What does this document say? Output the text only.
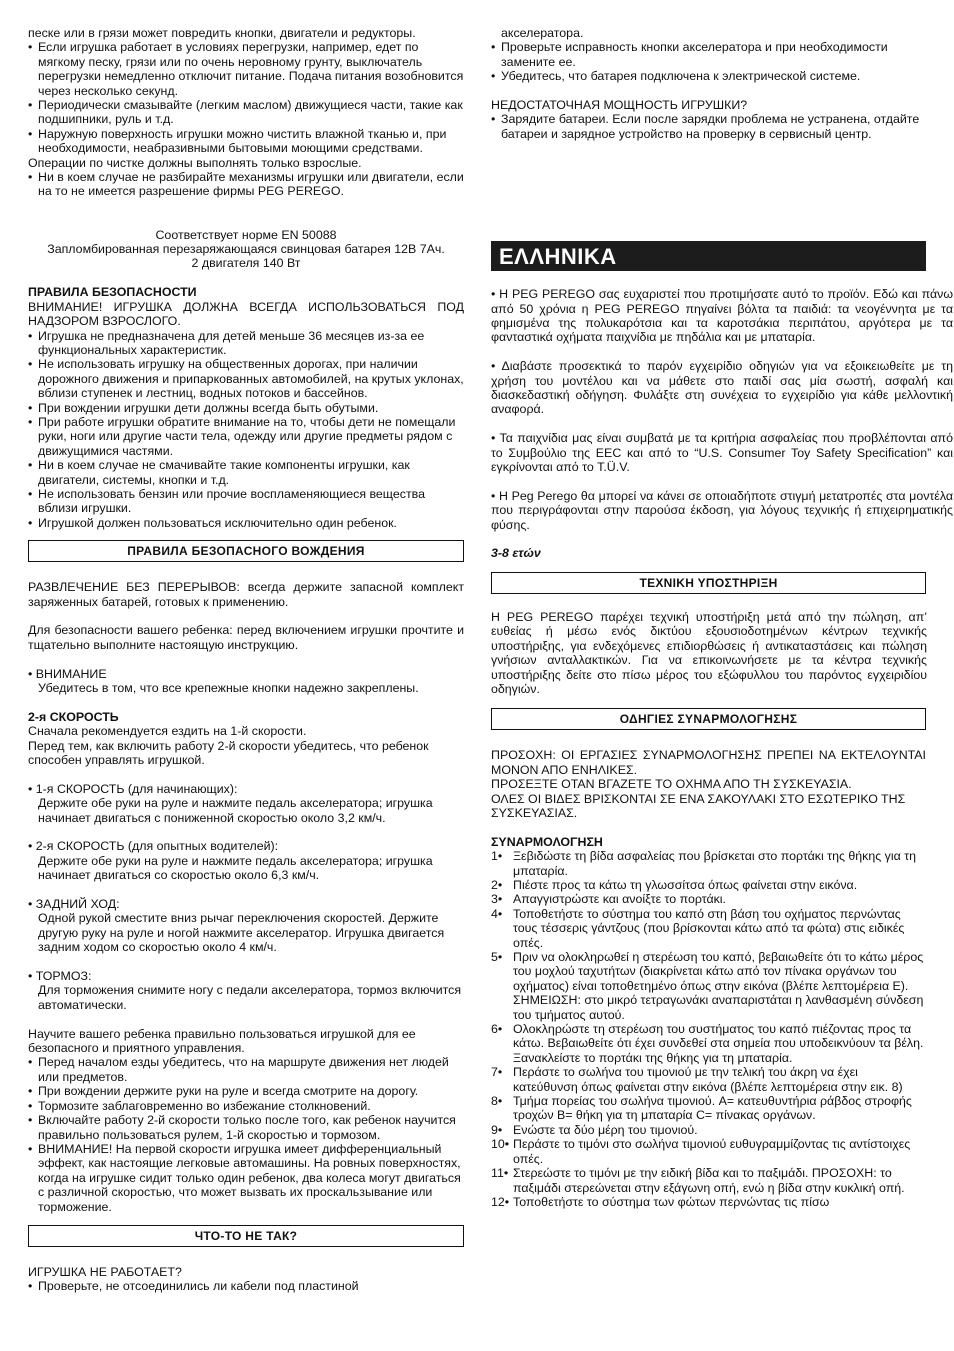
песке или в грязи может повредить кнопки, двигатели и редукторы.

• Если игрушка работает в условиях перегрузки, например, едет по мягкому песку, грязи или по очень неровному грунту, выключатель перегрузки немедленно отключит питание. Подача питания возобновится через несколько секунд.
• Периодически смазывайте (легким маслом) движущиеся части, такие как подшипники, руль и т.д.
• Наружную поверхность игрушки можно чистить влажной тканью и, при необходимости, неабразивными бытовыми моющими средствами.

Операции по чистке должны выполнять только взрослые.

• Ни в коем случае не разбирайте механизмы игрушки или двигатели, если на то не имеется разрешение фирмы PEG PEREGO.

Соответствует норме EN 50088

Запломбированная перезаряжающаяся свинцовая батарея 12В 7Ач.

2 двигателя 140 Вт

ПРАВИЛА БЕЗОПАСНОСТИ

ВНИМАНИЕ! ИГРУШКА ДОЛЖНА ВСЕГДА ИСПОЛЬЗОВАТЬСЯ ПОД НАДЗОРОМ ВЗРОСЛОГО.

• Игрушка не предназначена для детей меньше 36 месяцев из-за ее функциональных характеристик.
• Не использовать игрушку на общественных дорогах, при наличии дорожного движения и припаркованных автомобилей, на крутых уклонах, вблизи ступенек и лестниц, водных потоков и бассейнов.
• При вождении игрушки дети должны всегда быть обутыми.
• При работе игрушки обратите внимание на то, чтобы дети не помещали руки, ноги или другие части тела, одежду или другие предметы рядом с движущимися частями.
• Ни в коем случае не смачивайте такие компоненты игрушки, как двигатели, системы, кнопки и т.д.
• Не использовать бензин или прочие воспламеняющиеся вещества вблизи игрушки.
• Игрушкой должен пользоваться исключительно один ребенок.
ПРАВИЛА БЕЗОПАСНОГО ВОЖДЕНИЯ

РАЗВЛЕЧЕНИЕ БЕЗ ПЕРЕРЫВОВ: всегда держите запасной комплект заряженных батарей, готовых к применению.

Для безопасности вашего ребенка: перед включением игрушки прочтите и тщательно выполните настоящую инструкцию.

• ВНИМАНИЕ

Убедитесь в том, что все крепежные кнопки надежно закреплены.

2-я СКОРОСТЬ

Сначала рекомендуется ездить на 1-й скорости.

Перед тем, как включить работу 2-й скорости убедитесь, что ребенок способен управлять игрушкой.

• 1-я СКОРОСТЬ (для начинающих):

Держите обе руки на руле и нажмите педаль акселератора; игрушка начинает двигаться с пониженной скоростью около 3,2 км/ч.

• 2-я СКОРОСТЬ (для опытных водителей):

Держите обе руки на руле и нажмите педаль акселератора; игрушка начинает двигаться со скоростью около 6,3 км/ч.

• ЗАДНИЙ ХОД:

Одной рукой сместите вниз рычаг переключения скоростей. Держите другую руку на руле и ногой нажмите акселератор. Игрушка двигается задним ходом со скоростью около 4 км/ч.

• ТОРМОЗ:

Для торможения снимите ногу с педали акселератора, тормоз включится автоматически.

Научите вашего ребенка правильно пользоваться игрушкой для ее безопасного и приятного управления.

• Перед началом езды убедитесь, что на маршруте движения нет людей или предметов.
• При вождении держите руки на руле и всегда смотрите на дорогу.
• Тормозите заблаговременно во избежание столкновений.
• Включайте работу 2-й скорости только после того, как ребенок научится правильно пользоваться рулем, 1-й скоростью и тормозом.
• ВНИМАНИЕ! На первой скорости игрушка имеет дифференциальный эффект, как настоящие легковые автомашины. На ровных поверхностях, когда на игрушке сидит только один ребенок, два колеса могут двигаться с различной скоростью, что может вызвать их проскальзывание или торможение.
ЧТО-ТО НЕ ТАК?

ИГРУШКА НЕ РАБОТАЕТ?

• Проверьте, не отсоединились ли кабели под пластиной

акселератора.

• Проверьте исправность кнопки акселератора и при необходимости замените ее.
• Убедитесь, что батарея подключена к электрической системе.

НЕДОСТАТОЧНАЯ МОЩНОСТЬ ИГРУШКИ?

• Зарядите батареи. Если после зарядки проблема не устранена, отдайте батареи и зарядное устройство на проверку в сервисный центр.
ΕΛΛΗΝΙΚΑ

• Η PEG PEREGO σας ευχαριστεί που προτιμήσατε αυτό το προϊόν. Εδώ και πάνω από 50 χρόνια η PEG PEREGO πηγαίνει βόλτα τα παιδιά: τα νεογέννητα με τα φημισμένα της πολυκαρότσια και τα καροτσάκια περιπάτου, αργότερα με τα φανταστικά οχήματα παιχνίδια με πηδάλια και με μπαταρία.

• Διαβάστε προσεκτικά το παρόν εγχειρίδιο οδηγιών για να εξοικειωθείτε με τη χρήση του μοντέλου και να μάθετε στο παιδί σας μία σωστή, ασφαλή και διασκεδαστική οδήγηση. Φυλάξτε στη συνέχεια το εγχειρίδιο για κάθε μελλοντική αναφορά.

• Τα παιχνίδια μας είναι συμβατά με τα κριτήρια ασφαλείας που προβλέπονται από το Συμβούλιο της EEC και από το “U.S. Consumer Toy Safety Specification” και εγκρίνονται από το T.Ü.V.

• Η Peg Perego θα μπορεί να κάνει σε οποιαδήποτε στιγμή μετατροπές στα μοντέλα που περιγράφονται στην παρούσα έκδοση, για λόγους τεχνικής ή επιχειρηματικής φύσης.

3-8 ετών

ΤΕΧΝΙΚΗ ΥΠΟΣΤΗΡΙΞΗ

Η PEG PEREGO παρέχει τεχνική υποστήριξη μετά από την πώληση, απ’ ευθείας ή μέσω ενός δικτύου εξουσιοδοτημένων κέντρων τεχνικής υποστήριξης, για ενδεχόμενες επιδιορθώσεις ή αντικαταστάσεις και πώληση γνήσιων ανταλλακτικών. Για να επικοινωνήσετε με τα κέντρα τεχνικής υποστήριξης δείτε στο πίσω μέρος του εξώφυλλου του παρόντος εγχειριδίου οδηγιών.

ΟΔΗΓΙΕΣ ΣΥΝΑΡΜΟΛΟΓΗΣΗΣ

ΠΡΟΣΟΧΗ: ΟΙ ΕΡΓΑΣΙΕΣ ΣΥΝΑΡΜΟΛΟΓΗΣΗΣ ΠΡΕΠΕΙ ΝΑ ΕΚΤΕΛΟΥΝΤΑΙ ΜΟΝΟΝ ΑΠΟ ΕΝΗΛΙΚΕΣ.

ΠΡΟΣΕΞΤΕ ΟΤΑΝ ΒΓΑΖΕΤΕ ΤΟ ΟΧΗΜΑ ΑΠΟ ΤΗ ΣΥΣΚΕΥΑΣΙΑ.

ΟΛΕΣ ΟΙ ΒΙΔΕΣ ΒΡΙΣΚΟΝΤΑΙ ΣΕ ΕΝΑ ΣΑΚΟΥΛΑΚΙ ΣΤΟ ΕΣΩΤΕΡΙΚΟ ΤΗΣ ΣΥΣΚΕΥΑΣΙΑΣ.

ΣΥΝΑΡΜΟΛΟΓΗΣΗ

1• Ξεβιδώστε τη βίδα ασφαλείας που βρίσκεται στο πορτάκι της θήκης για τη μπαταρία.
2• Πιέστε προς τα κάτω τη γλωσσίτσα όπως φαίνεται στην εικόνα.
3• Απαγγιστρώστε και ανοίξτε το πορτάκι.
4• Τοποθετήστε το σύστημα του καπό στη βάση του οχήματος περνώντας τους τέσσερις γάντζους (που βρίσκονται κάτω από τα φώτα) στις ειδικές οπές.
5• Πριν να ολοκληρωθεί η στερέωση του καπό, βεβαιωθείτε ότι το κάτω μέρος του μοχλού ταχυτήτων (διακρίνεται κάτω από τον πίνακα οργάνων του οχήματος) είναι τοποθετημένο όπως στην εικόνα (βλέπε λεπτομέρεια E). ΣΗΜΕΙΩΣΗ: στο μικρό τετραγωνάκι αναπαριστάται η λανθασμένη σύνδεση του τμήματος αυτού.
6• Ολοκληρώστε τη στερέωση του συστήματος του καπό πιέζοντας προς τα κάτω. Βεβαιωθείτε ότι έχει συνδεθεί στα σημεία που υποδεικνύουν τα βέλη. Ξανακλείστε το πορτάκι της θήκης για τη μπαταρία.
7• Περάστε το σωλήνα του τιμονιού με την τελική του άκρη να έχει κατεύθυνση όπως φαίνεται στην εικόνα (βλέπε λεπτομέρεια στην εικ. 8)
8• Τμήμα πορείας του σωλήνα τιμονιού. A= κατευθυντήρια ράβδος στροφής τροχών B= θήκη για τη μπαταρία C= πίνακας οργάνων.
9• Ενώστε τα δύο μέρη του τιμονιού.
10• Περάστε το τιμόνι στο σωλήνα τιμονιού ευθυγραμμίζοντας τις αντίστοιχες οπές.
11• Στερεώστε το τιμόνι με την ειδική βίδα και το παξιμάδι. ΠΡΟΣΟΧΗ: το παξιμάδι στερεώνεται στην εξάγωνη οπή, ενώ η βίδα στην κυκλική οπή.
12• Τοποθετήστε το σύστημα των φώτων περνώντας τις πίσω
